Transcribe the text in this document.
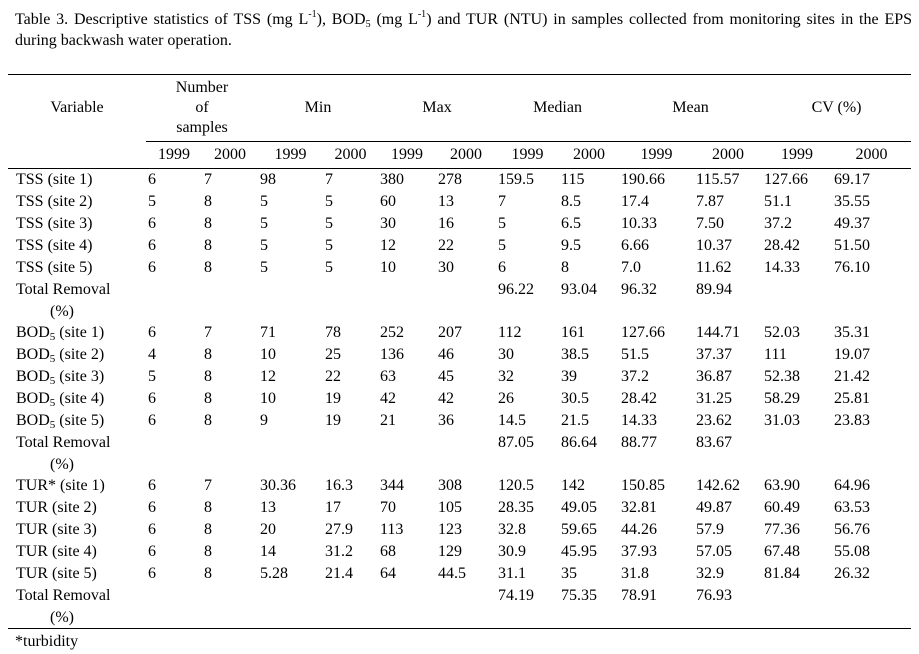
Table 3. Descriptive statistics of TSS (mg $L^{-1}$), $BOD_5$ (mg $L^{-1}$) and TUR (NTU) in samples collected from monitoring sites in the EPS during backwash water operation.
Variable	Number
of
samples		Min		Max		Median		Mean		CV (%)	
	1999	2000	1999	2000	1999	2000	1999	2000	1999	2000	1999	2000
TSS (site 1)	6	7	98	7	380	278	159.5	115	190.66	115.57	127.66	69.17
TSS (site 2)	5	8	5	5	60	13	7	8.5	17.4	7.87	51.1	35.55
TSS (site 3)	6	8	5	5	30	16	5	6.5	10.33	7.50	37.2	49.37
TSS (site 4)	6	8	5	5	12	22	5	9.5	6.66	10.37	28.42	51.50
TSS (site 5)	6	8	5	5	10	30	6	8	7.0	11.62	14.33	76.10
Total Removal							96.22	93.04	96.32	89.94		
(%)												
BOD5 (site 1)	6	7	71	78	252	207	112	161	127.66	144.71	52.03	35.31
BOD5 (site 2)	4	8	10	25	136	46	30	38.5	51.5	37.37	111	19.07
BOD5 (site 3)	5	8	12	22	63	45	32	39	37.2	36.87	52.38	21.42
BOD5 (site 4)	6	8	10	19	42	42	26	30.5	28.42	31.25	58.29	25.81
BOD5 (site 5)	6	8	9	19	21	36	14.5	21.5	14.33	23.62	31.03	23.83
Total Removal							87.05	86.64	88.77	83.67		
(%)												
TUR* (site 1)	6	7	30.36	16.3	344	308	120.5	142	150.85	142.62	63.90	64.96
TUR (site 2)	6	8	13	17	70	105	28.35	49.05	32.81	49.87	60.49	63.53
TUR (site 3)	6	8	20	27.9	113	123	32.8	59.65	44.26	57.9	77.36	56.76
TUR (site 4)	6	8	14	31.2	68	129	30.9	45.95	37.93	57.05	67.48	55.08
TUR (site 5)	6	8	5.28	21.4	64	44.5	31.1	35	31.8	32.9	81.84	26.32
Total Removal							74.19	75.35	78.91	76.93		
(%)												
*turbidity
